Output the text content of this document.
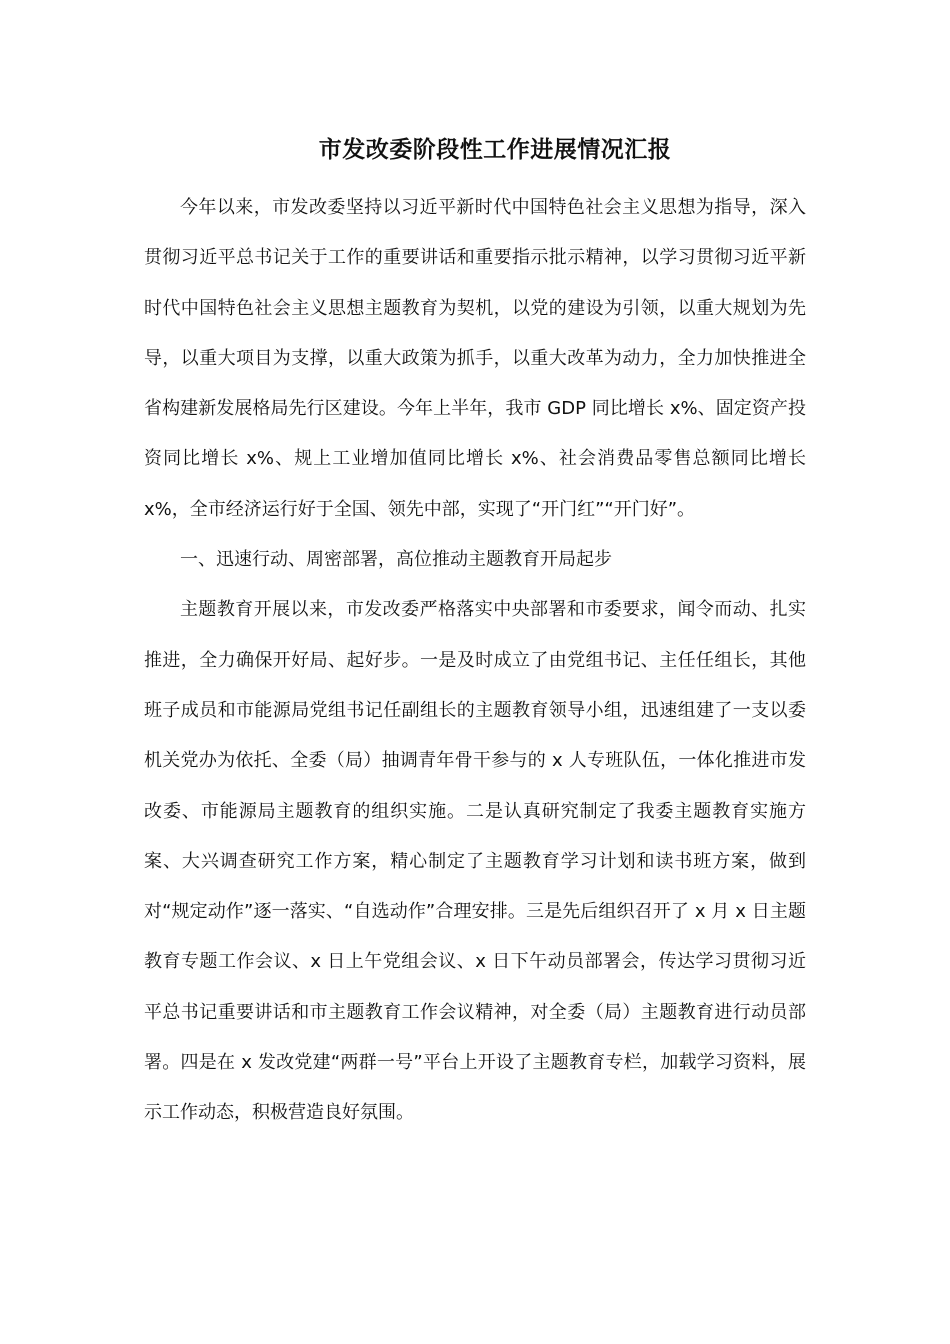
市发改委阶段性工作进展情况汇报

今年以来，市发改委坚持以习近平新时代中国特色社会主义思想为指导，深入贯彻习近平总书记关于工作的重要讲话和重要指示批示精神，以学习贯彻习近平新时代中国特色社会主义思想主题教育为契机，以党的建设为引领，以重大规划为先导，以重大项目为支撑，以重大政策为抓手，以重大改革为动力，全力加快推进全省构建新发展格局先行区建设。今年上半年，我市 GDP 同比增长 x%、固定资产投资同比增长 x%、规上工业增加值同比增长 x%、社会消费品零售总额同比增长 x%，全市经济运行好于全国、领先中部，实现了“开门红”“开门好”。

一、迅速行动、周密部署，高位推动主题教育开局起步

主题教育开展以来，市发改委严格落实中央部署和市委要求，闻令而动、扎实推进，全力确保开好局、起好步。一是及时成立了由党组书记、主任任组长，其他班子成员和市能源局党组书记任副组长的主题教育领导小组，迅速组建了一支以委机关党办为依托、全委（局）抽调青年骨干参与的 x 人专班队伍，一体化推进市发改委、市能源局主题教育的组织实施。二是认真研究制定了我委主题教育实施方案、大兴调查研究工作方案，精心制定了主题教育学习计划和读书班方案，做到对“规定动作”逐一落实、“自选动作”合理安排。三是先后组织召开了 x 月 x 日主题教育专题工作会议、x 日上午党组会议、x 日下午动员部署会，传达学习贯彻习近平总书记重要讲话和市主题教育工作会议精神，对全委（局）主题教育进行动员部署。四是在 x 发改党建“两群一号”平台上开设了主题教育专栏，加载学习资料，展示工作动态，积极营造良好氛围。
